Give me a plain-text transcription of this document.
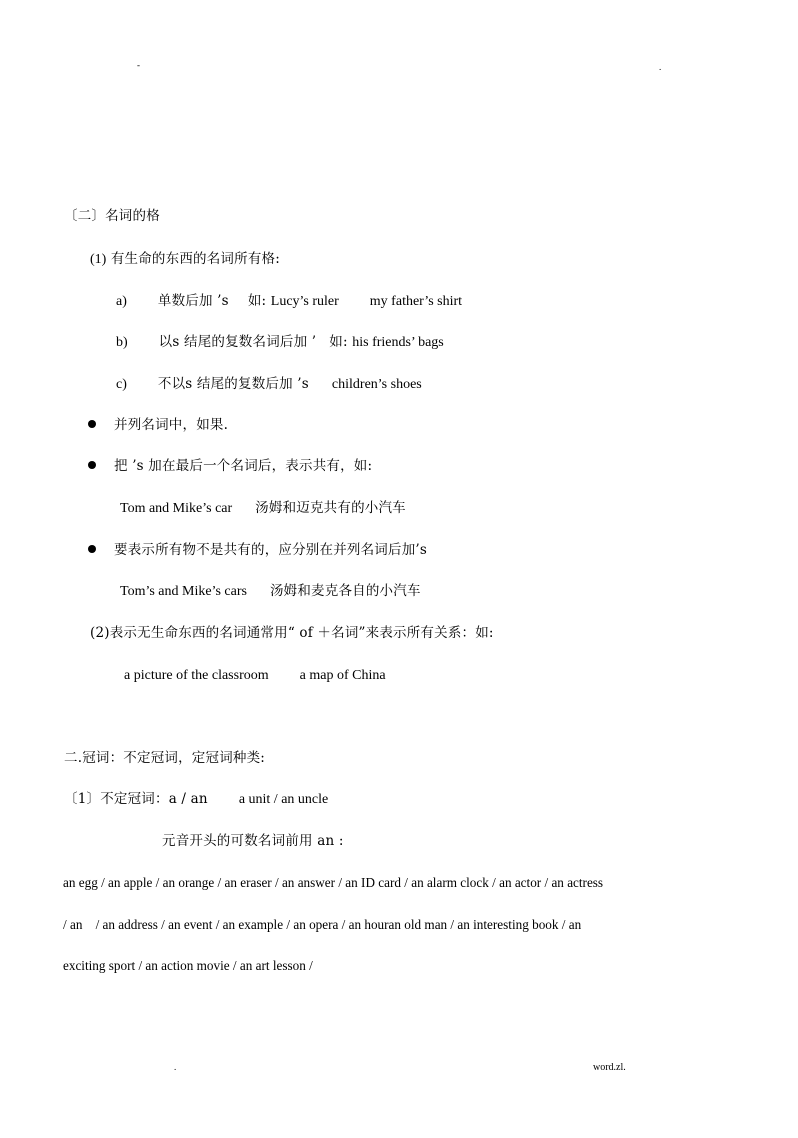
-	.
〔二〕名词的格
(1) 有生命的东西的名词所有格:
a) 单数后加 ’s 如: Lucy’s ruler my father’s shirt
b) 以s 结尾的复数名词后加 ’ 如: his friends’ bags
c) 不以s 结尾的复数后加 ’s children’s shoes
并列名词中，如果.
把 ’s 加在最后一个名词后，表示共有，如:
Tom and Mike’s car 汤姆和迈克共有的小汽车
要表示所有物不是共有的，应分别在并列名词后加’s
Tom’s and Mike’s cars 汤姆和麦克各自的小汽车
(2)表示无生命东西的名词通常用“ of ＋名词”来表示所有关系：如:
a picture of the classroom a map of China
二.冠词：不定冠词，定冠词种类:
〔1〕不定冠词：a / an a unit / an uncle
元音开头的可数名词前用 an :
an egg / an apple / an orange / an eraser / an answer / an ID card / an alarm clock / an actor / an actress
/ an    / an address / an event / an example / an opera / an houran old man / an interesting book / an
exciting sport / an action movie / an art lesson /
.	word.zl.
